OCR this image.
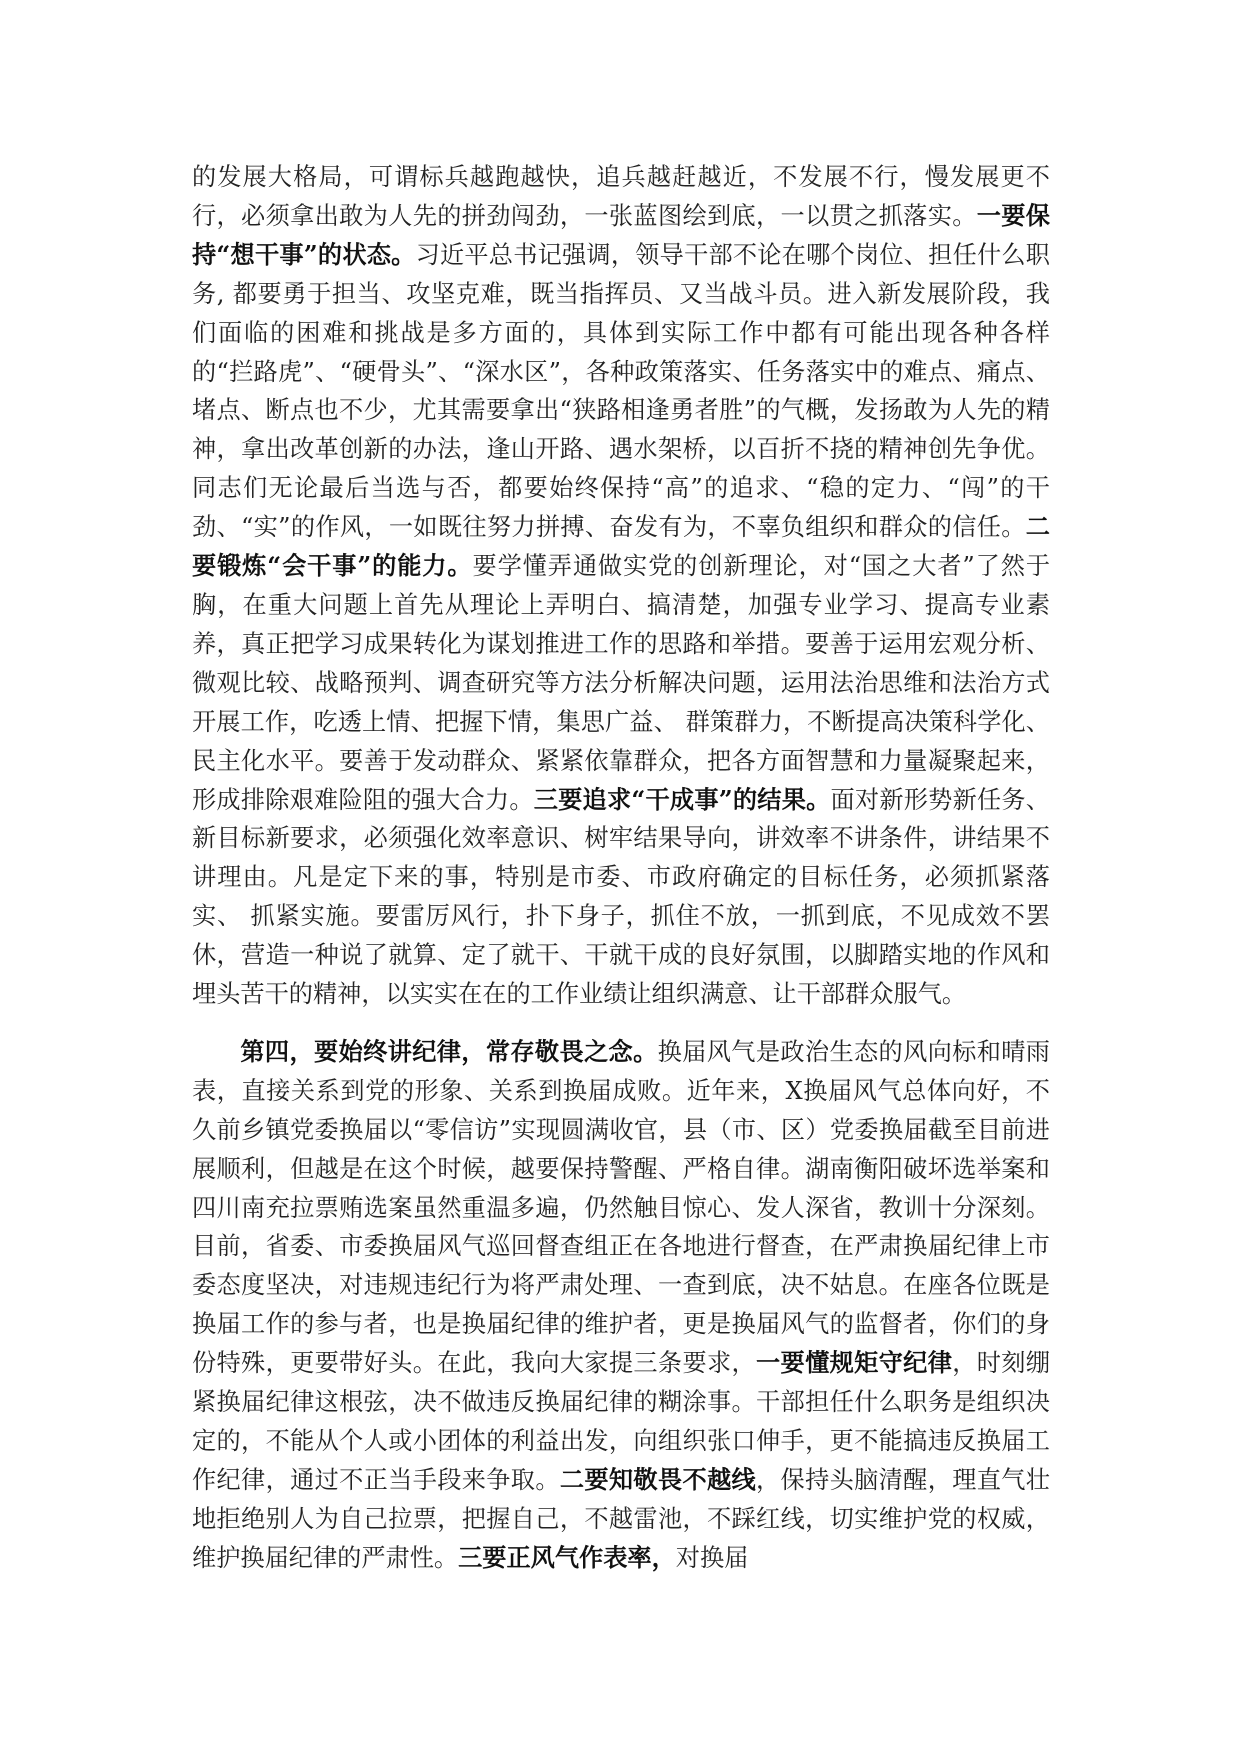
的发展大格局，可谓标兵越跑越快，追兵越赶越近，不发展不行，慢发展更不行，必须拿出敢为人先的拼劲闯劲，一张蓝图绘到底，一以贯之抓落实。一要保持“想干事”的状态。习近平总书记强调，领导干部不论在哪个岗位、担任什么职务, 都要勇于担当、攻坚克难，既当指挥员、又当战斗员。进入新发展阶段，我们面临的困难和挑战是多方面的，具体到实际工作中都有可能出现各种各样的“拦路虎”、“硬骨头”、“深水区”，各种政策落实、任务落实中的难点、痛点、堵点、断点也不少，尤其需要拿出“狭路相逢勇者胜”的气概，发扬敢为人先的精神，拿出改革创新的办法，逢山开路、遇水架桥，以百折不挠的精神创先争优。同志们无论最后当选与否，都要始终保持“高”的追求、“稳的定力、“闯”的干劲、“实”的作风，一如既往努力拼搏、奋发有为，不辜负组织和群众的信任。二要锻炼“会干事”的能力。要学懂弄通做实党的创新理论，对“国之大者”了然于胸，在重大问题上首先从理论上弄明白、搞清楚，加强专业学习、提高专业素养，真正把学习成果转化为谋划推进工作的思路和举措。要善于运用宏观分析、微观比较、战略预判、调查研究等方法分析解决问题，运用法治思维和法治方式开展工作，吃透上情、把握下情，集思广益、 群策群力，不断提高决策科学化、民主化水平。要善于发动群众、紧紧依靠群众，把各方面智慧和力量凝聚起来，形成排除艰难险阻的强大合力。三要追求“干成事”的结果。面对新形势新任务、新目标新要求，必须强化效率意识、树牢结果导向，讲效率不讲条件，讲结果不讲理由。凡是定下来的事，特别是市委、市政府确定的目标任务，必须抓紧落实、 抓紧实施。要雷厉风行，扑下身子，抓住不放，一抓到底，不见成效不罢休，营造一种说了就算、定了就干、干就干成的良好氛围，以脚踏实地的作风和埋头苦干的精神，以实实在在的工作业绩让组织满意、让干部群众服气。

第四，要始终讲纪律，常存敬畏之念。换届风气是政治生态的风向标和晴雨表，直接关系到党的形象、关系到换届成败。近年来，X换届风气总体向好，不久前乡镇党委换届以“零信访”实现圆满收官，县（市、区）党委换届截至目前进展顺利，但越是在这个时候，越要保持警醒、严格自律。湖南衡阳破坏选举案和四川南充拉票贿选案虽然重温多遍，仍然触目惊心、发人深省，教训十分深刻。目前，省委、市委换届风气巡回督查组正在各地进行督查，在严肃换届纪律上市委态度坚决，对违规违纪行为将严肃处理、一查到底，决不姑息。在座各位既是换届工作的参与者，也是换届纪律的维护者，更是换届风气的监督者，你们的身份特殊，更要带好头。在此，我向大家提三条要求，一要懂规矩守纪律，时刻绷紧换届纪律这根弦，决不做违反换届纪律的糊涂事。干部担任什么职务是组织决定的，不能从个人或小团体的利益出发，向组织张口伸手，更不能搞违反换届工作纪律，通过不正当手段来争取。二要知敬畏不越线，保持头脑清醒，理直气壮地拒绝别人为自己拉票，把握自己，不越雷池，不踩红线，切实维护党的权威，维护换届纪律的严肃性。三要正风气作表率，对换届
